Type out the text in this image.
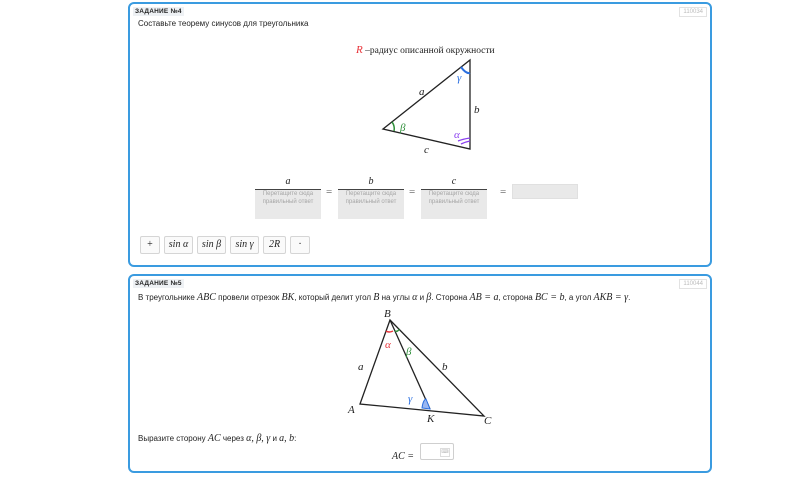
ЗАДАНИЕ №4	110034
Составьте теорему синусов для треугольника
R –радиус описанной окружности
a
b
c
γ
β
α
a
Перетащите сюда правильный ответ
=
b
Перетащите сюда правильный ответ
=
c
Перетащите сюда правильный ответ
=
+	sin α	sin β	sin γ	2R	·
ЗАДАНИЕ №5	110044
В треугольнике ABC провели отрезок BK, который делит угол B на углы α и β. Сторона AB = a, сторона BC = b, а угол AKB = γ.
A
B
C
K
a	b
α
β
γ
Выразите сторону AC через α, β, γ и a, b:
AC =	⌨
